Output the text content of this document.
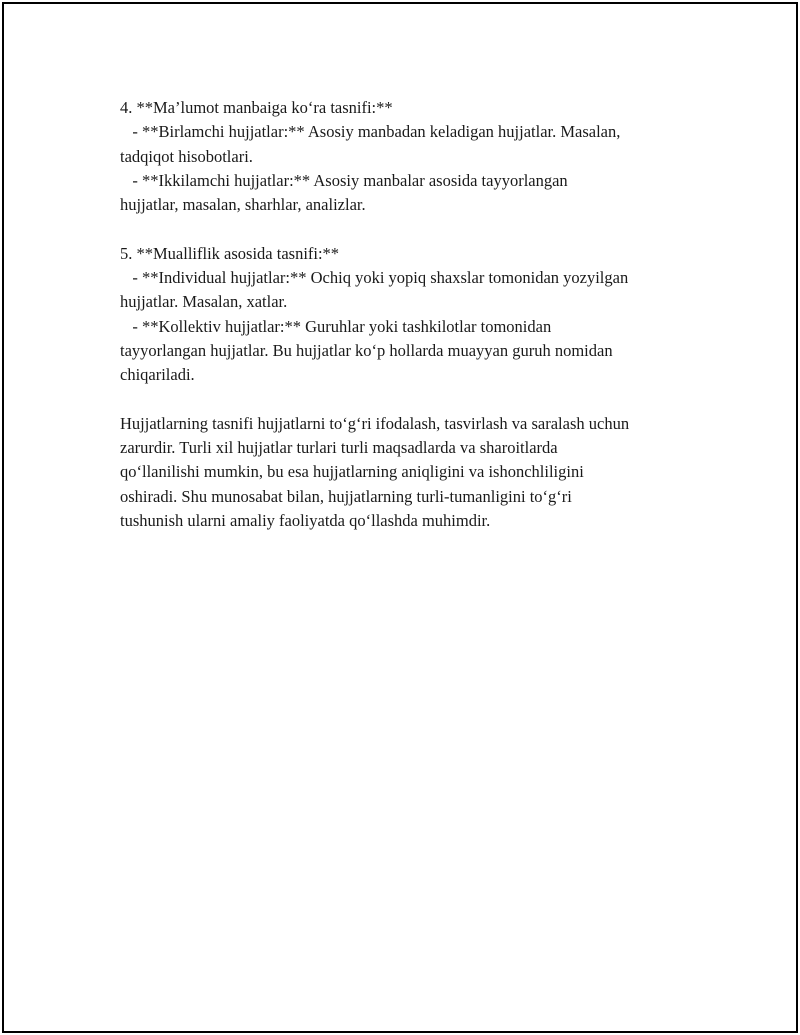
4. **Ma’lumot manbaiga ko‘ra tasnifi:**
- **Birlamchi hujjatlar:** Asosiy manbadan keladigan hujjatlar. Masalan,
tadqiqot hisobotlari.
- **Ikkilamchi hujjatlar:** Asosiy manbalar asosida tayyorlangan
hujjatlar, masalan, sharhlar, analizlar.
5. **Mualliflik asosida tasnifi:**
- **Individual hujjatlar:** Ochiq yoki yopiq shaxslar tomonidan yozyilgan
hujjatlar. Masalan, xatlar.
- **Kollektiv hujjatlar:** Guruhlar yoki tashkilotlar tomonidan
tayyorlangan hujjatlar. Bu hujjatlar ko‘p hollarda muayyan guruh nomidan
chiqariladi.
Hujjatlarning tasnifi hujjatlarni to‘g‘ri ifodalash, tasvirlash va saralash uchun
zarurdir. Turli xil hujjatlar turlari turli maqsadlarda va sharoitlarda
qo‘llanilishi mumkin, bu esa hujjatlarning aniqligini va ishonchliligini
oshiradi. Shu munosabat bilan, hujjatlarning turli-tumanligini to‘g‘ri
tushunish ularni amaliy faoliyatda qo‘llashda muhimdir.
